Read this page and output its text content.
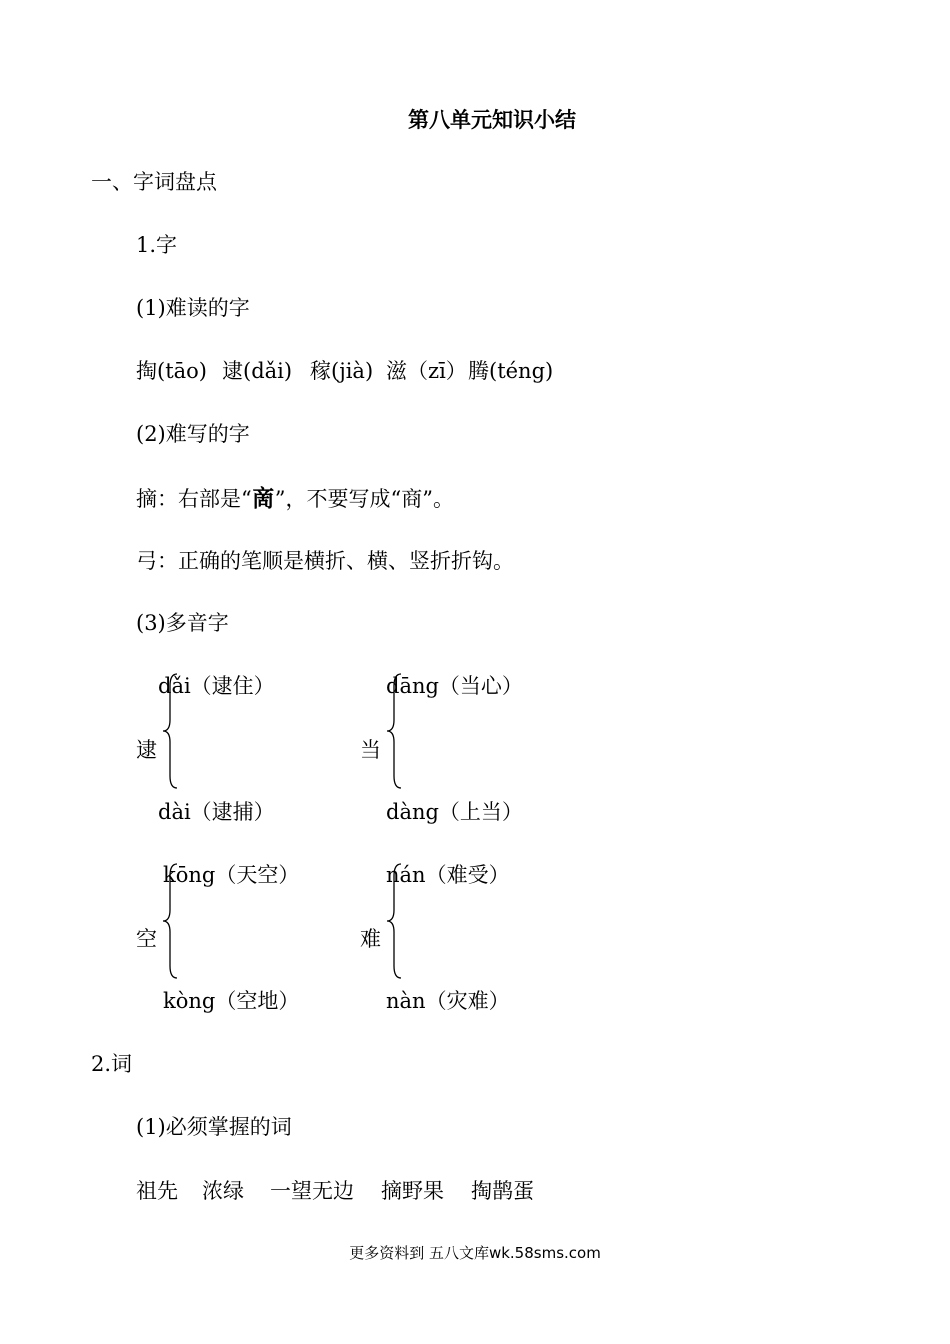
第八单元知识小结
一、字词盘点
1.字
(1)难读的字
掏(tāo) 逮(dǎi) 稼(jià) 滋（zī） 腾(téng)
(2)难写的字
摘：右部是“啇”，不要写成“商”。
弓：正确的笔顺是横折、横、竖折折钩。
(3)多音字
dǎi（逮住）
逮
dài（逮捕）
dāng（当心）
当
dàng（上当）
kōng（天空）
空
kòng（空地）
nán（难受）
难
nàn（灾难）
2.词
(1)必须掌握的词
祖先 浓绿 一望无边 摘野果 掏鹊蛋
更多资料到 五八文库wk.58sms.com
